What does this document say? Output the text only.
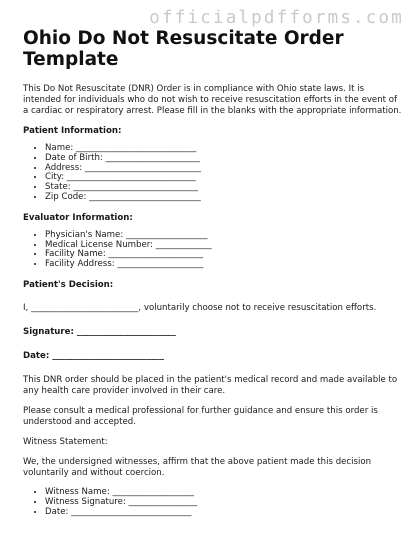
officialpdfforms.com
Ohio Do Not Resuscitate Order
Template

This Do Not Resuscitate (DNR) Order is in compliance with Ohio state laws. It is intended for individuals who do not wish to receive resuscitation efforts in the event of a cardiac or respiratory arrest. Please fill in the blanks with the appropriate information.

Patient Information:

• Name: ____________________________
• Date of Birth: ______________________
• Address: ___________________________
• City: ______________________________
• State: _____________________________
• Zip Code: __________________________

Evaluator Information:

• Physician's Name: ___________________
• Medical License Number: _____________
• Facility Name: ______________________
• Facility Address: ____________________

Patient's Decision:

I, _________________________, voluntarily choose not to receive resuscitation efforts.

Signature: _______________________

Date: __________________________

This DNR order should be placed in the patient's medical record and made available to any health care provider involved in their care.

Please consult a medical professional for further guidance and ensure this order is understood and accepted.

Witness Statement:

We, the undersigned witnesses, affirm that the above patient made this decision voluntarily and without coercion.

• Witness Name: ___________________
• Witness Signature: ________________
• Date: ____________________________
